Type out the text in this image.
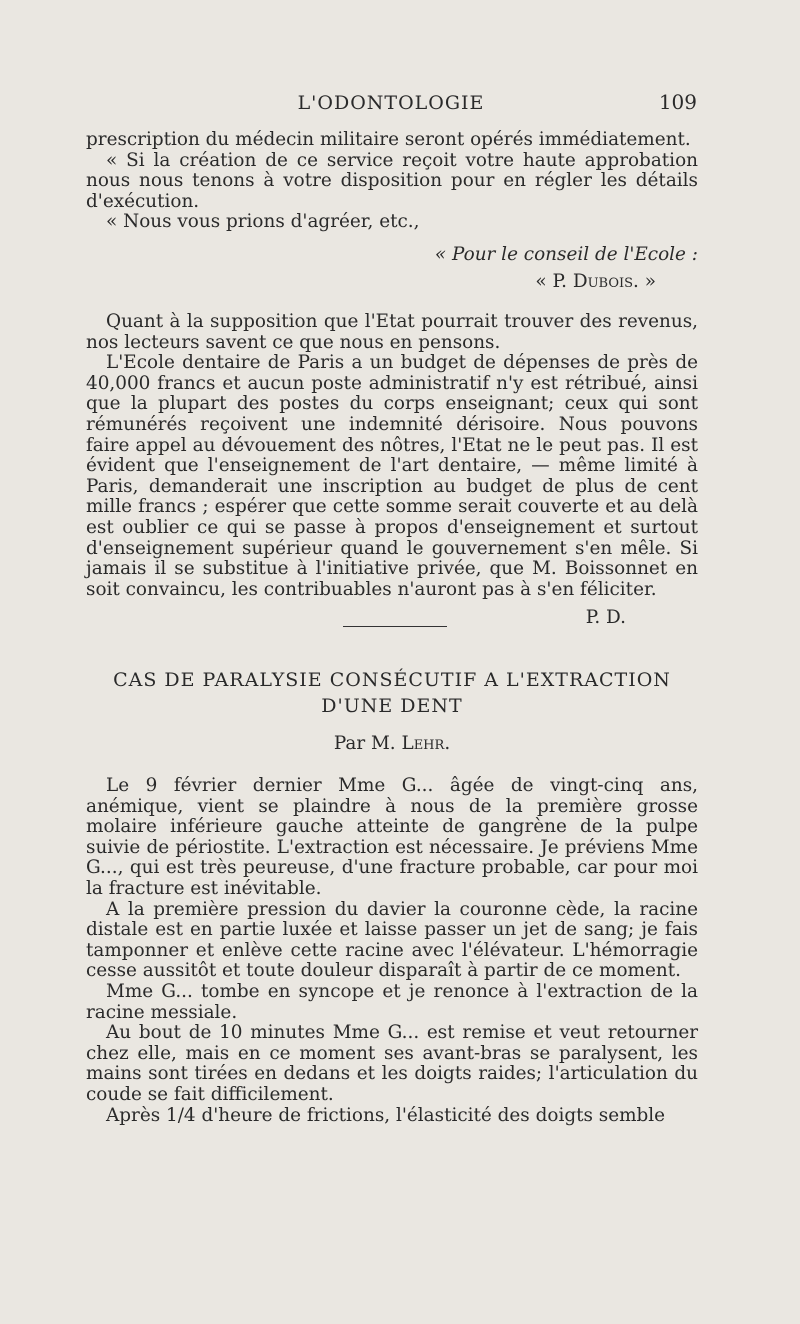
L'ODONTOLOGIE	109

prescription du médecin militaire seront opérés immédiatement.

« Si la création de ce service reçoit votre haute approbation nous nous tenons à votre disposition pour en régler les détails d'exécution.

« Nous vous prions d'agréer, etc.,

« Pour le conseil de l'Ecole :
« P. Dubois. »

Quant à la supposition que l'Etat pourrait trouver des revenus, nos lecteurs savent ce que nous en pensons.

L'Ecole dentaire de Paris a un budget de dépenses de près de 40,000 francs et aucun poste administratif n'y est rétribué, ainsi que la plupart des postes du corps enseignant; ceux qui sont rémunérés reçoivent une indemnité dérisoire. Nous pouvons faire appel au dévouement des nôtres, l'Etat ne le peut pas. Il est évident que l'enseignement de l'art dentaire, — même limité à Paris, demanderait une inscription au budget de plus de cent mille francs ; espérer que cette somme serait couverte et au delà est oublier ce qui se passe à propos d'enseignement et surtout d'enseignement supérieur quand le gouvernement s'en mêle. Si jamais il se substitue à l'initiative privée, que M. Boissonnet en soit convaincu, les contribuables n'auront pas à s'en féliciter.

P. D.
CAS DE PARALYSIE CONSÉCUTIF A L'EXTRACTION
D'UNE DENT
Par M. Lehr.

Le 9 février dernier Mme G... âgée de vingt-cinq ans, anémique, vient se plaindre à nous de la première grosse molaire inférieure gauche atteinte de gangrène de la pulpe suivie de périostite. L'extraction est nécessaire. Je préviens Mme G..., qui est très peureuse, d'une fracture probable, car pour moi la fracture est inévitable.

A la première pression du davier la couronne cède, la racine distale est en partie luxée et laisse passer un jet de sang; je fais tamponner et enlève cette racine avec l'élévateur. L'hémorragie cesse aussitôt et toute douleur disparaît à partir de ce moment.

Mme G... tombe en syncope et je renonce à l'extraction de la racine messiale.

Au bout de 10 minutes Mme G... est remise et veut retourner chez elle, mais en ce moment ses avant-bras se paralysent, les mains sont tirées en dedans et les doigts raides; l'articulation du coude se fait difficilement.

Après 1/4 d'heure de frictions, l'élasticité des doigts semble
